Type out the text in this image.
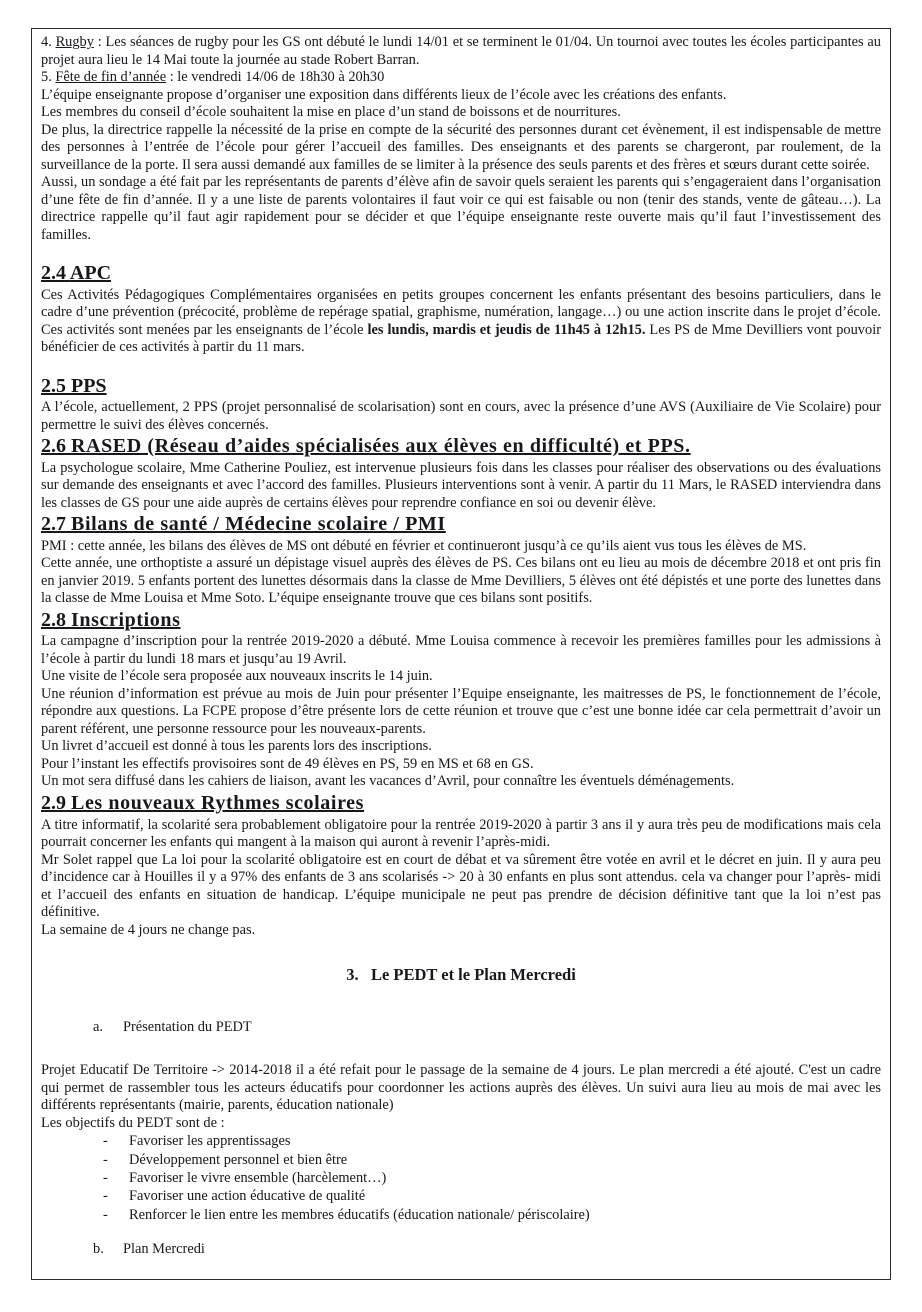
4. Rugby : Les séances de rugby pour les GS ont débuté le lundi 14/01 et se terminent le 01/04. Un tournoi avec toutes les écoles participantes au projet aura lieu le 14 Mai toute la journée au stade Robert Barran.

5. Fête de fin d’année : le vendredi 14/06 de 18h30 à 20h30

L’équipe enseignante propose d’organiser une exposition dans différents lieux de l’école avec les créations des enfants.

Les membres du conseil d’école souhaitent la mise en place d’un stand de boissons et de nourritures.

De plus, la directrice rappelle la nécessité de la prise en compte de la sécurité des personnes durant cet évènement, il est indispensable de mettre des personnes à l’entrée de l’école pour gérer l’accueil des familles. Des enseignants et des parents se chargeront, par roulement, de la surveillance de la porte. Il sera aussi demandé aux familles de se limiter à la présence des seuls parents et des frères et sœurs durant cette soirée.

Aussi, un sondage a été fait par les représentants de parents d’élève afin de savoir quels seraient les parents qui s’engageraient dans l’organisation d’une fête de fin d’année. Il y a une liste de parents volontaires il faut voir ce qui est faisable ou non (tenir des stands, vente de gâteau…). La directrice rappelle qu’il faut agir rapidement pour se décider et que l’équipe enseignante reste ouverte mais qu’il faut l’investissement des familles.

2.4 APC

Ces Activités Pédagogiques Complémentaires organisées en petits groupes concernent les enfants présentant des besoins particuliers, dans le cadre d’une prévention (précocité, problème de repérage spatial, graphisme, numération, langage…) ou une action inscrite dans le projet d’école. Ces activités sont menées par les enseignants de l’école les lundis, mardis et jeudis de 11h45 à 12h15. Les PS de Mme Devilliers vont pouvoir bénéficier de ces activités à partir du 11 mars.

2.5 PPS

A l’école, actuellement, 2 PPS (projet personnalisé de scolarisation) sont en cours, avec la présence d’une AVS (Auxiliaire de Vie Scolaire) pour permettre le suivi des élèves concernés.

2.6 RASED (Réseau d’aides spécialisées aux élèves en difficulté) et PPS.

La psychologue scolaire, Mme Catherine Pouliez, est intervenue plusieurs fois dans les classes pour réaliser des observations ou des évaluations sur demande des enseignants et avec l’accord des familles. Plusieurs interventions sont à venir. A partir du 11 Mars, le RASED interviendra dans les classes de GS pour une aide auprès de certains élèves pour reprendre confiance en soi ou devenir élève.

2.7 Bilans de santé / Médecine scolaire / PMI

PMI : cette année, les bilans des élèves de MS ont débuté en février et continueront jusqu’à ce qu’ils aient vus tous les élèves de MS.

Cette année, une orthoptiste a assuré un dépistage visuel auprès des élèves de PS. Ces bilans ont eu lieu au mois de décembre 2018 et ont pris fin en janvier 2019. 5 enfants portent des lunettes désormais dans la classe de Mme Devilliers, 5 élèves ont été dépistés et une porte des lunettes dans la classe de Mme Louisa et Mme Soto. L’équipe enseignante trouve que ces bilans sont positifs.

2.8 Inscriptions

La campagne d’inscription pour la rentrée 2019-2020 a débuté. Mme Louisa commence à recevoir les premières familles pour les admissions à l’école à partir du lundi 18 mars et jusqu’au 19 Avril.

Une visite de l’école sera proposée aux nouveaux inscrits le 14 juin.

Une réunion d’information est prévue au mois de Juin pour présenter l’Equipe enseignante, les maitresses de PS, le fonctionnement de l’école, répondre aux questions. La FCPE propose d’être présente lors de cette réunion et trouve que c’est une bonne idée car cela permettrait d’avoir un parent référent, une personne ressource pour les nouveaux-parents.

Un livret d’accueil est donné à tous les parents lors des inscriptions.

Pour l’instant les effectifs provisoires sont de 49 élèves en PS, 59 en MS et 68 en GS.

Un mot sera diffusé dans les cahiers de liaison, avant les vacances d’Avril, pour connaître les éventuels déménagements.

2.9 Les nouveaux Rythmes scolaires

A titre informatif, la scolarité sera probablement obligatoire pour la rentrée 2019-2020 à partir 3 ans il y aura très peu de modifications mais cela pourrait concerner les enfants qui mangent à la maison qui auront à revenir l’après-midi.

Mr Solet rappel que La loi pour la scolarité obligatoire est en court de débat et va sûrement être votée en avril et le décret en juin. Il y aura peu d’incidence car à Houilles il y a 97% des enfants de 3 ans scolarisés -> 20 à 30 enfants en plus sont attendus. cela va changer pour l’après- midi et l’accueil des enfants en situation de handicap. L’équipe municipale ne peut pas prendre de décision définitive tant que la loi n’est pas définitive.

La semaine de 4 jours ne change pas.

3. Le PEDT et le Plan Mercredi

a. Présentation du PEDT

Projet Educatif De Territoire -> 2014-2018 il a été refait pour le passage de la semaine de 4 jours. Le plan mercredi a été ajouté. C'est un cadre qui permet de rassembler tous les acteurs éducatifs pour coordonner les actions auprès des élèves. Un suivi aura lieu au mois de mai avec les différents représentants (mairie, parents, éducation nationale)

Les objectifs du PEDT sont de :

- Favoriser les apprentissages
- Développement personnel et bien être
- Favoriser le vivre ensemble (harcèlement…)
- Favoriser une action éducative de qualité
- Renforcer le lien entre les membres éducatifs (éducation nationale/ périscolaire)

b. Plan Mercredi
